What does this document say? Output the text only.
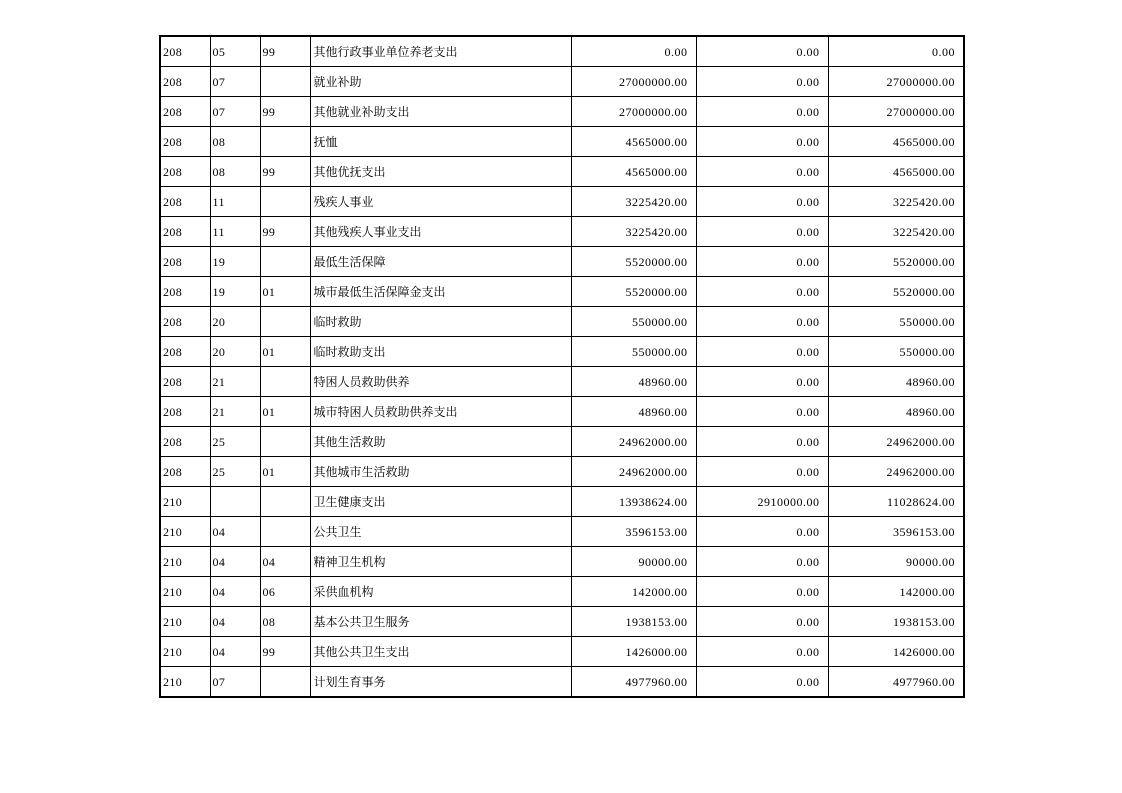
208	05	99	其他行政事业单位养老支出	0.00	0.00	0.00
208	07		就业补助	27000000.00	0.00	27000000.00
208	07	99	其他就业补助支出	27000000.00	0.00	27000000.00
208	08		抚恤	4565000.00	0.00	4565000.00
208	08	99	其他优抚支出	4565000.00	0.00	4565000.00
208	11		残疾人事业	3225420.00	0.00	3225420.00
208	11	99	其他残疾人事业支出	3225420.00	0.00	3225420.00
208	19		最低生活保障	5520000.00	0.00	5520000.00
208	19	01	城市最低生活保障金支出	5520000.00	0.00	5520000.00
208	20		临时救助	550000.00	0.00	550000.00
208	20	01	临时救助支出	550000.00	0.00	550000.00
208	21		特困人员救助供养	48960.00	0.00	48960.00
208	21	01	城市特困人员救助供养支出	48960.00	0.00	48960.00
208	25		其他生活救助	24962000.00	0.00	24962000.00
208	25	01	其他城市生活救助	24962000.00	0.00	24962000.00
210			卫生健康支出	13938624.00	2910000.00	11028624.00
210	04		公共卫生	3596153.00	0.00	3596153.00
210	04	04	精神卫生机构	90000.00	0.00	90000.00
210	04	06	采供血机构	142000.00	0.00	142000.00
210	04	08	基本公共卫生服务	1938153.00	0.00	1938153.00
210	04	99	其他公共卫生支出	1426000.00	0.00	1426000.00
210	07		计划生育事务	4977960.00	0.00	4977960.00
